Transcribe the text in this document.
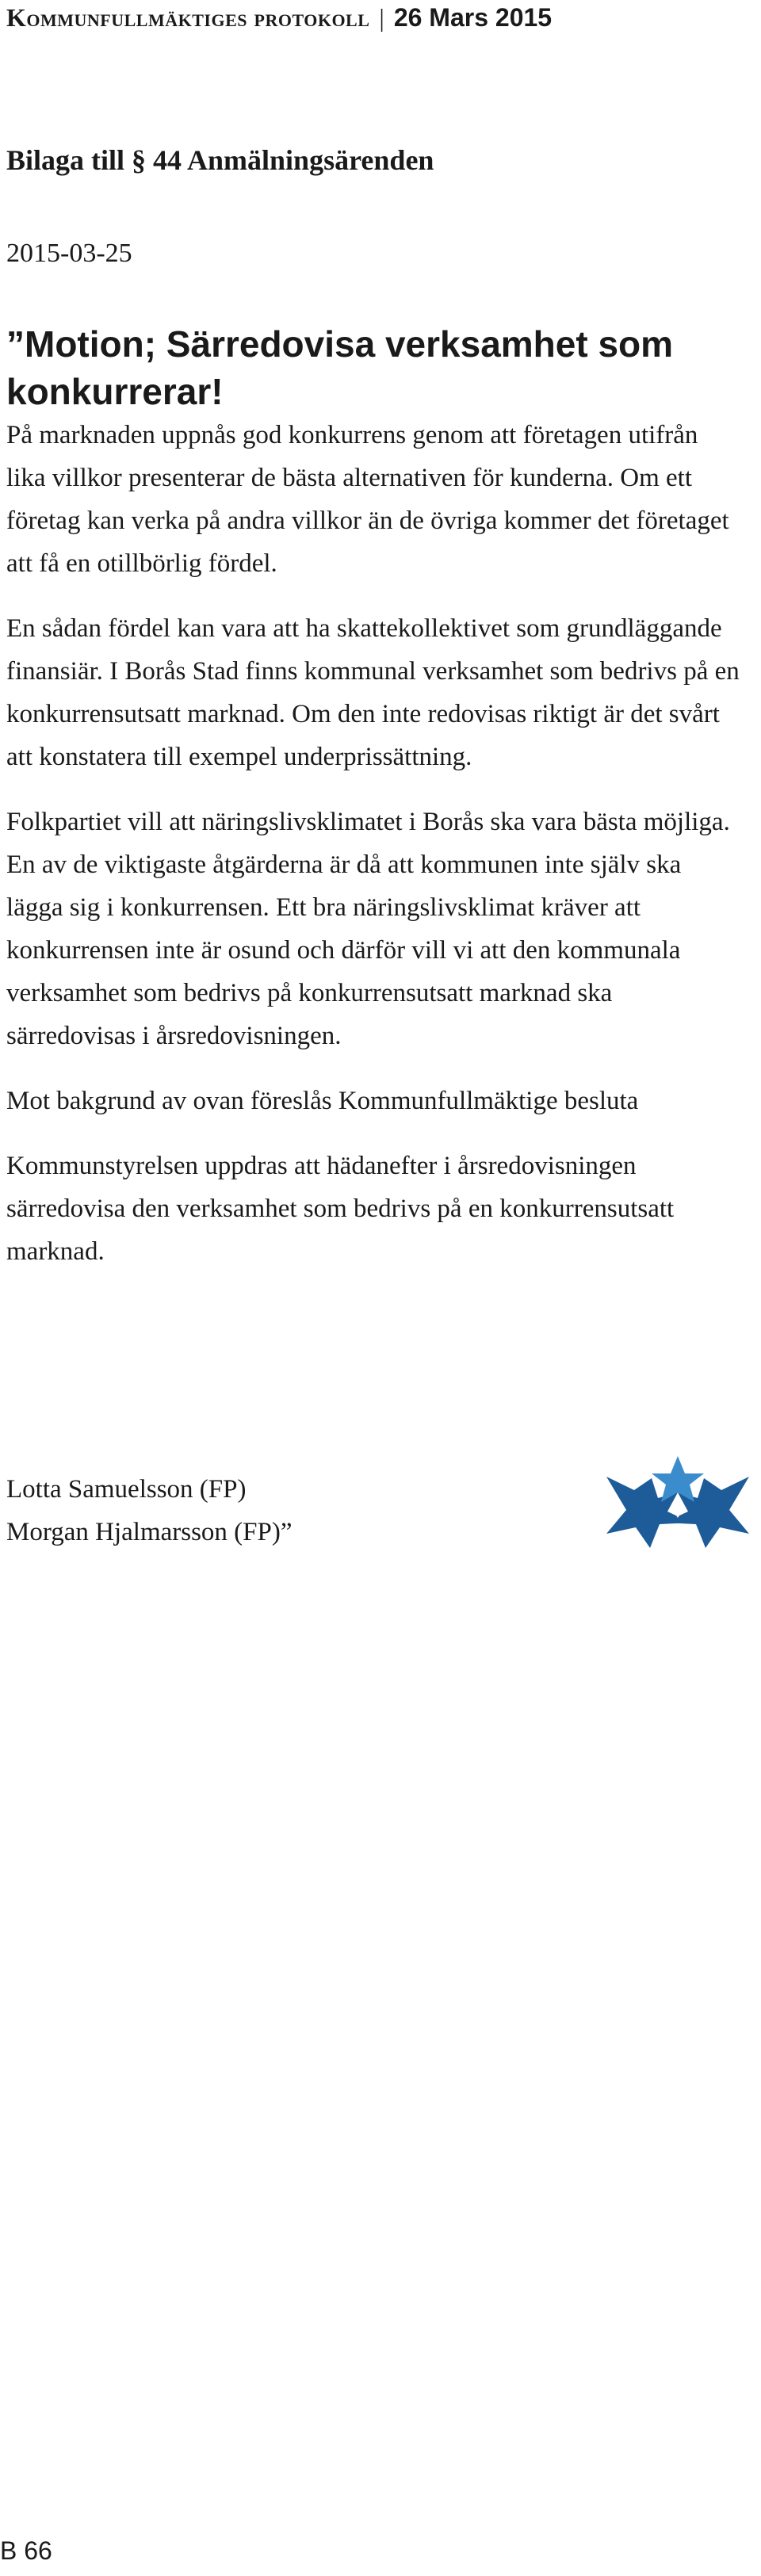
Kommunfullmäktiges protokoll | 26 Mars 2015
Bilaga till § 44 Anmälningsärenden
2015-03-25
”Motion; Särredovisa verksamhet som konkurrerar!

På marknaden uppnås god konkurrens genom att företagen utifrån lika villkor presenterar de bästa alternativen för kunderna. Om ett företag kan verka på andra villkor än de övriga kommer det företaget att få en otillbörlig fördel.

En sådan fördel kan vara att ha skattekollektivet som grundläggande finansiär. I Borås Stad finns kommunal verksamhet som bedrivs på en konkurrensutsatt marknad. Om den inte redovisas riktigt är det svårt att konstatera till exempel underprissättning.

Folkpartiet vill att näringslivsklimatet i Borås ska vara bästa möjliga. En av de viktigaste åtgärderna är då att kommunen inte själv ska lägga sig i konkurrensen. Ett bra näringslivsklimat kräver att konkurrensen inte är osund och därför vill vi att den kommunala verksamhet som bedrivs på konkurrensutsatt marknad ska särredovisas i årsredovisningen.

Mot bakgrund av ovan föreslås Kommunfullmäktige besluta

Kommunstyrelsen uppdras att hädanefter i årsredovisningen särredovisa den verksamhet som bedrivs på en konkurrensutsatt marknad.

Lotta Samuelsson (FP)
Morgan Hjalmarsson (FP)”
B 66
